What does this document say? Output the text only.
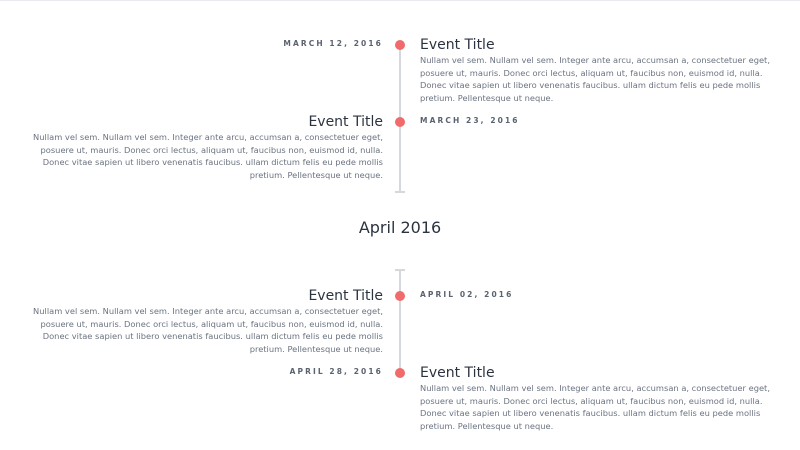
MARCH 12, 2016	Event Title
Nullam vel sem. Nullam vel sem. Integer ante arcu, accumsan a, consectetuer eget, posuere ut, mauris. Donec orci lectus, aliquam ut, faucibus non, euismod id, nulla. Donec vitae sapien ut libero venenatis faucibus. ullam dictum felis eu pede mollis pretium. Pellentesque ut neque.
MARCH 23, 2016
Event Title
Nullam vel sem. Nullam vel sem. Integer ante arcu, accumsan a, consectetuer eget, posuere ut, mauris. Donec orci lectus, aliquam ut, faucibus non, euismod id, nulla. Donec vitae sapien ut libero venenatis faucibus. ullam dictum felis eu pede mollis pretium. Pellentesque ut neque.
April 2016
APRIL 02, 2016
Event Title
Nullam vel sem. Nullam vel sem. Integer ante arcu, accumsan a, consectetuer eget, posuere ut, mauris. Donec orci lectus, aliquam ut, faucibus non, euismod id, nulla. Donec vitae sapien ut libero venenatis faucibus. ullam dictum felis eu pede mollis pretium. Pellentesque ut neque.
APRIL 28, 2016	Event Title
Nullam vel sem. Nullam vel sem. Integer ante arcu, accumsan a, consectetuer eget, posuere ut, mauris. Donec orci lectus, aliquam ut, faucibus non, euismod id, nulla. Donec vitae sapien ut libero venenatis faucibus. ullam dictum felis eu pede mollis pretium. Pellentesque ut neque.
